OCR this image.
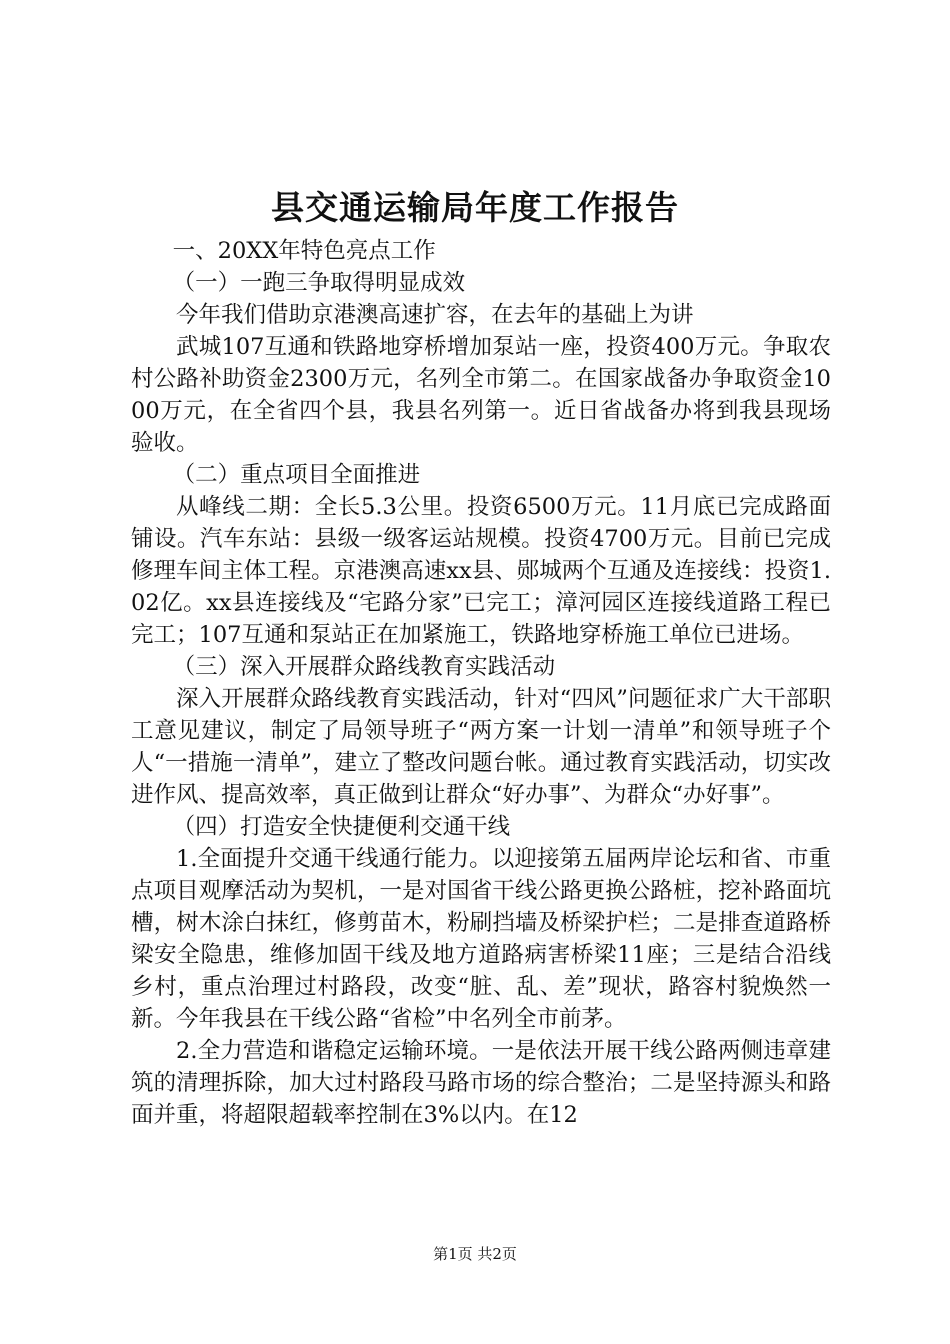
县交通运输局年度工作报告

一、20XX年特色亮点工作

（一）一跑三争取得明显成效

今年我们借助京港澳高速扩容，在去年的基础上为讲

武城107互通和铁路地穿桥增加泵站一座，投资400万元。争取农村公路补助资金2300万元，名列全市第二。在国家战备办争取资金1000万元，在全省四个县，我县名列第一。近日省战备办将到我县现场验收。

（二）重点项目全面推进

从峰线二期：全长5.3公里。投资6500万元。11月底已完成路面铺设。汽车东站：县级一级客运站规模。投资4700万元。目前已完成修理车间主体工程。京港澳高速xx县、郧城两个互通及连接线：投资1.02亿。xx县连接线及“宅路分家”已完工；漳河园区连接线道路工程已完工；107互通和泵站正在加紧施工，铁路地穿桥施工单位已进场。

（三）深入开展群众路线教育实践活动

深入开展群众路线教育实践活动，针对“四风”问题征求广大干部职工意见建议，制定了局领导班子“两方案一计划一清单”和领导班子个人“一措施一清单”，建立了整改问题台帐。通过教育实践活动，切实改进作风、提高效率，真正做到让群众“好办事”、为群众“办好事”。

（四）打造安全快捷便利交通干线

1.全面提升交通干线通行能力。以迎接第五届两岸论坛和省、市重点项目观摩活动为契机，一是对国省干线公路更换公路桩，挖补路面坑槽，树木涂白抹红，修剪苗木，粉刷挡墙及桥梁护栏；二是排查道路桥梁安全隐患，维修加固干线及地方道路病害桥梁11座；三是结合沿线乡村，重点治理过村路段，改变“脏、乱、差”现状，路容村貌焕然一新。今年我县在干线公路“省检”中名列全市前茅。

2.全力营造和谐稳定运输环境。一是依法开展干线公路两侧违章建筑的清理拆除，加大过村路段马路市场的综合整治；二是坚持源头和路面并重，将超限超载率控制在3%以内。在12

第1页 共2页
